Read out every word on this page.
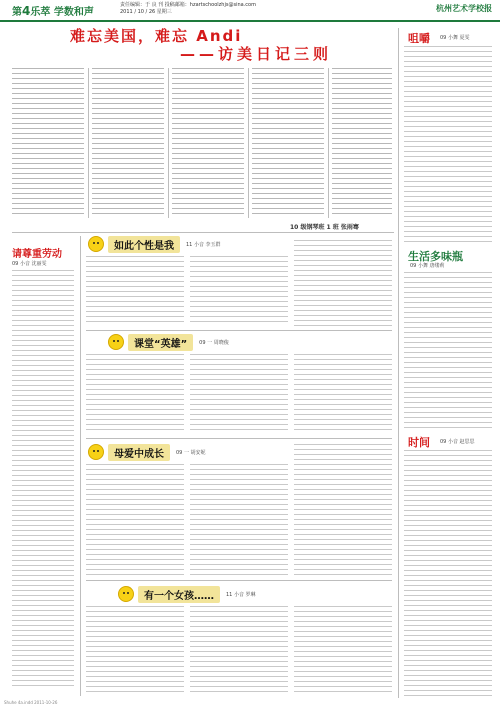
第4乐萃 学数和声
责任编辑：于 良 刊 投稿邮箱：hzartschoolzhjs@sina.com
2011 / 10 / 26 星期三	杭州艺术学校报
难忘美国，难忘 Andi
——访美日记三则
10 级钢琴班 1 班 张雨骞
请尊重劳动
09 小音 沈丽雯
如此个性是我	11 小音 李玉群
课堂“英雄”	09 一 周晓俊
母爱中成长	09 一 胡安妮
有一个女孩……	11 小音 罗琳
咀嚼 09 小舞 夏雯
生活多味瓶
09 小舞 唐缕莉
时间 09 小音 赵思思
Shuhe 4a.indd 2011-10-26
